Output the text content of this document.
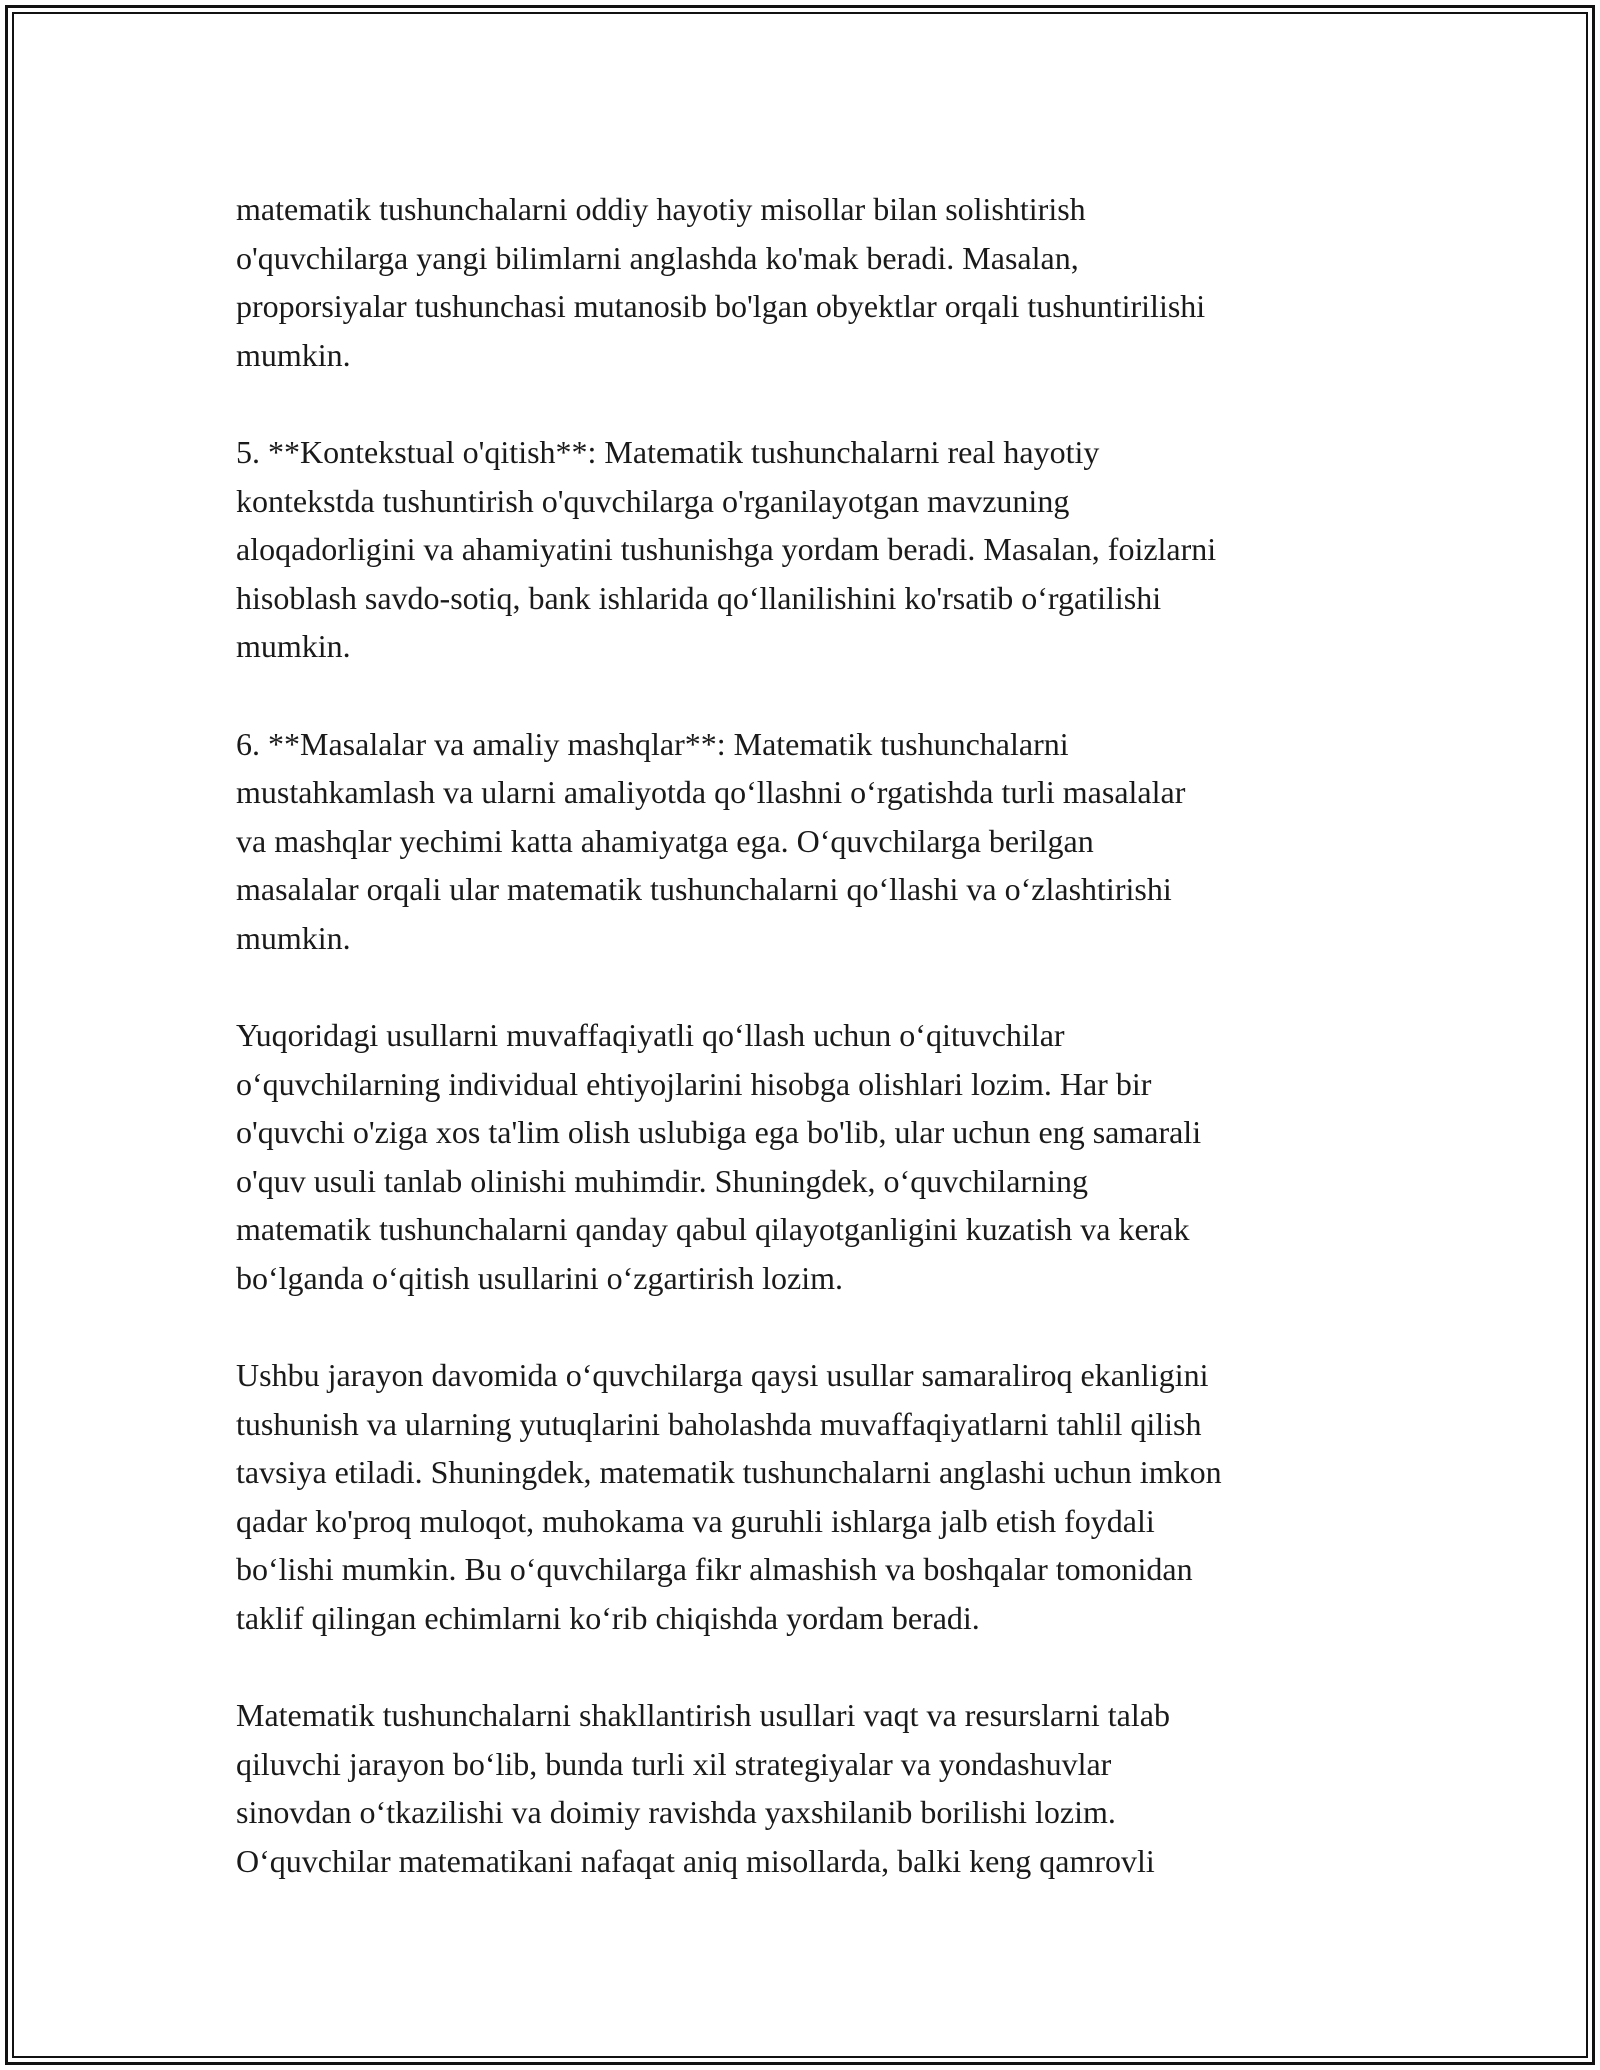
matematik tushunchalarni oddiy hayotiy misollar bilan solishtirish
o'quvchilarga yangi bilimlarni anglashda ko'mak beradi. Masalan,
proporsiyalar tushunchasi mutanosib bo'lgan obyektlar orqali tushuntirilishi
mumkin.

5. **Kontekstual o'qitish**: Matematik tushunchalarni real hayotiy
kontekstda tushuntirish o'quvchilarga o'rganilayotgan mavzuning
aloqadorligini va ahamiyatini tushunishga yordam beradi. Masalan, foizlarni
hisoblash savdo-sotiq, bank ishlarida qo‘llanilishini ko'rsatib o‘rgatilishi
mumkin.

6. **Masalalar va amaliy mashqlar**: Matematik tushunchalarni
mustahkamlash va ularni amaliyotda qo‘llashni o‘rgatishda turli masalalar
va mashqlar yechimi katta ahamiyatga ega. O‘quvchilarga berilgan
masalalar orqali ular matematik tushunchalarni qo‘llashi va o‘zlashtirishi
mumkin.

Yuqoridagi usullarni muvaffaqiyatli qo‘llash uchun o‘qituvchilar
o‘quvchilarning individual ehtiyojlarini hisobga olishlari lozim. Har bir
o'quvchi o'ziga xos ta'lim olish uslubiga ega bo'lib, ular uchun eng samarali
o'quv usuli tanlab olinishi muhimdir. Shuningdek, o‘quvchilarning
matematik tushunchalarni qanday qabul qilayotganligini kuzatish va kerak
bo‘lganda o‘qitish usullarini o‘zgartirish lozim.

Ushbu jarayon davomida o‘quvchilarga qaysi usullar samaraliroq ekanligini
tushunish va ularning yutuqlarini baholashda muvaffaqiyatlarni tahlil qilish
tavsiya etiladi. Shuningdek, matematik tushunchalarni anglashi uchun imkon
qadar ko'proq muloqot, muhokama va guruhli ishlarga jalb etish foydali
bo‘lishi mumkin. Bu o‘quvchilarga fikr almashish va boshqalar tomonidan
taklif qilingan echimlarni ko‘rib chiqishda yordam beradi.

Matematik tushunchalarni shakllantirish usullari vaqt va resurslarni talab
qiluvchi jarayon bo‘lib, bunda turli xil strategiyalar va yondashuvlar
sinovdan o‘tkazilishi va doimiy ravishda yaxshilanib borilishi lozim.
O‘quvchilar matematikani nafaqat aniq misollarda, balki keng qamrovli
